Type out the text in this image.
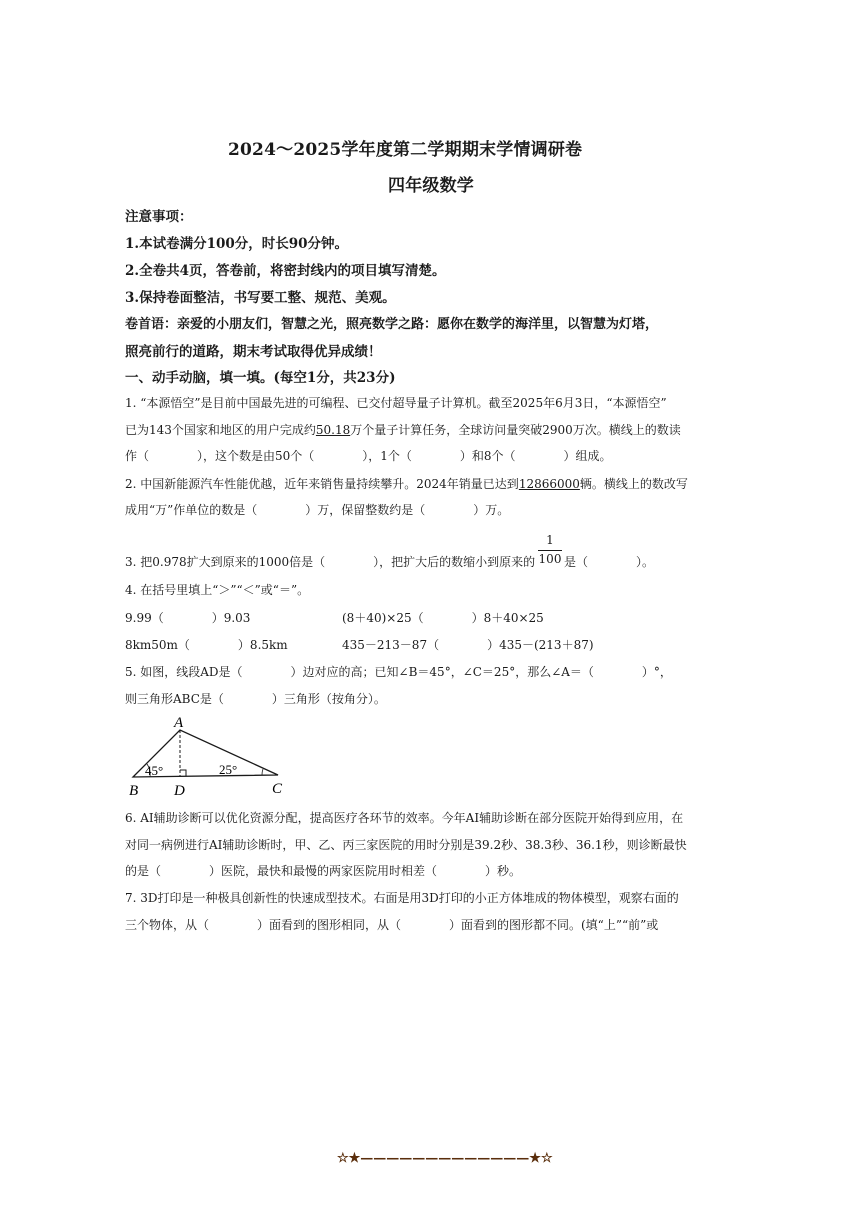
2024～2025学年度第二学期期末学情调研卷
四年级数学
注意事项：
1.本试卷满分100分，时长90分钟。
2.全卷共4页，答卷前，将密封线内的项目填写清楚。
3.保持卷面整洁，书写要工整、规范、美观。
卷首语：亲爱的小朋友们，智慧之光，照亮数学之路：愿你在数学的海洋里，以智慧为灯塔，
照亮前行的道路，期末考试取得优异成绩！
一、动手动脑，填一填。(每空1分，共23分)
1. “本源悟空”是目前中国最先进的可编程、已交付超导量子计算机。截至2025年6月3日，“本源悟空”
已为143个国家和地区的用户完成约50.18万个量子计算任务，全球访问量突破2900万次。横线上的数读
作（　　　　），这个数是由50个（　　　　），1个（　　　　）和8个（　　　　）组成。
2. 中国新能源汽车性能优越，近年来销售量持续攀升。2024年销量已达到12866000辆。横线上的数改写
成用“万”作单位的数是（　　　　）万，保留整数约是（　　　　）万。
3. 把0.978扩大到原来的1000倍是（　　　　），把扩大后的数缩小到原来的
1
100 是（　　　　）。
4. 在括号里填上“＞”“＜”或“＝”。
9.99（　　　　）9.03	(8＋40)×25（　　　　）8＋40×25
8km50m（　　　　）8.5km	435－213－87（　　　　）435－(213＋87)
5. 如图，线段AD是（　　　　）边对应的高；已知∠B＝45°，∠C＝25°，那么∠A＝（　　　　）°，
则三角形ABC是（　　　　）三角形（按角分）。
A
B D	C
45°	25°
6. AI辅助诊断可以优化资源分配，提高医疗各环节的效率。今年AI辅助诊断在部分医院开始得到应用，在
对同一病例进行AI辅助诊断时，甲、乙、丙三家医院的用时分别是39.2秒、38.3秒、36.1秒，则诊断最快
的是（　　　　）医院，最快和最慢的两家医院用时相差（　　　　）秒。
7. 3D打印是一种极具创新性的快速成型技术。右面是用3D打印的小正方体堆成的物体模型，观察右面的
三个物体，从（　　　　）面看到的图形相同，从（　　　　）面看到的图形都不同。(填“上”“前”或
☆★—————————————★☆
